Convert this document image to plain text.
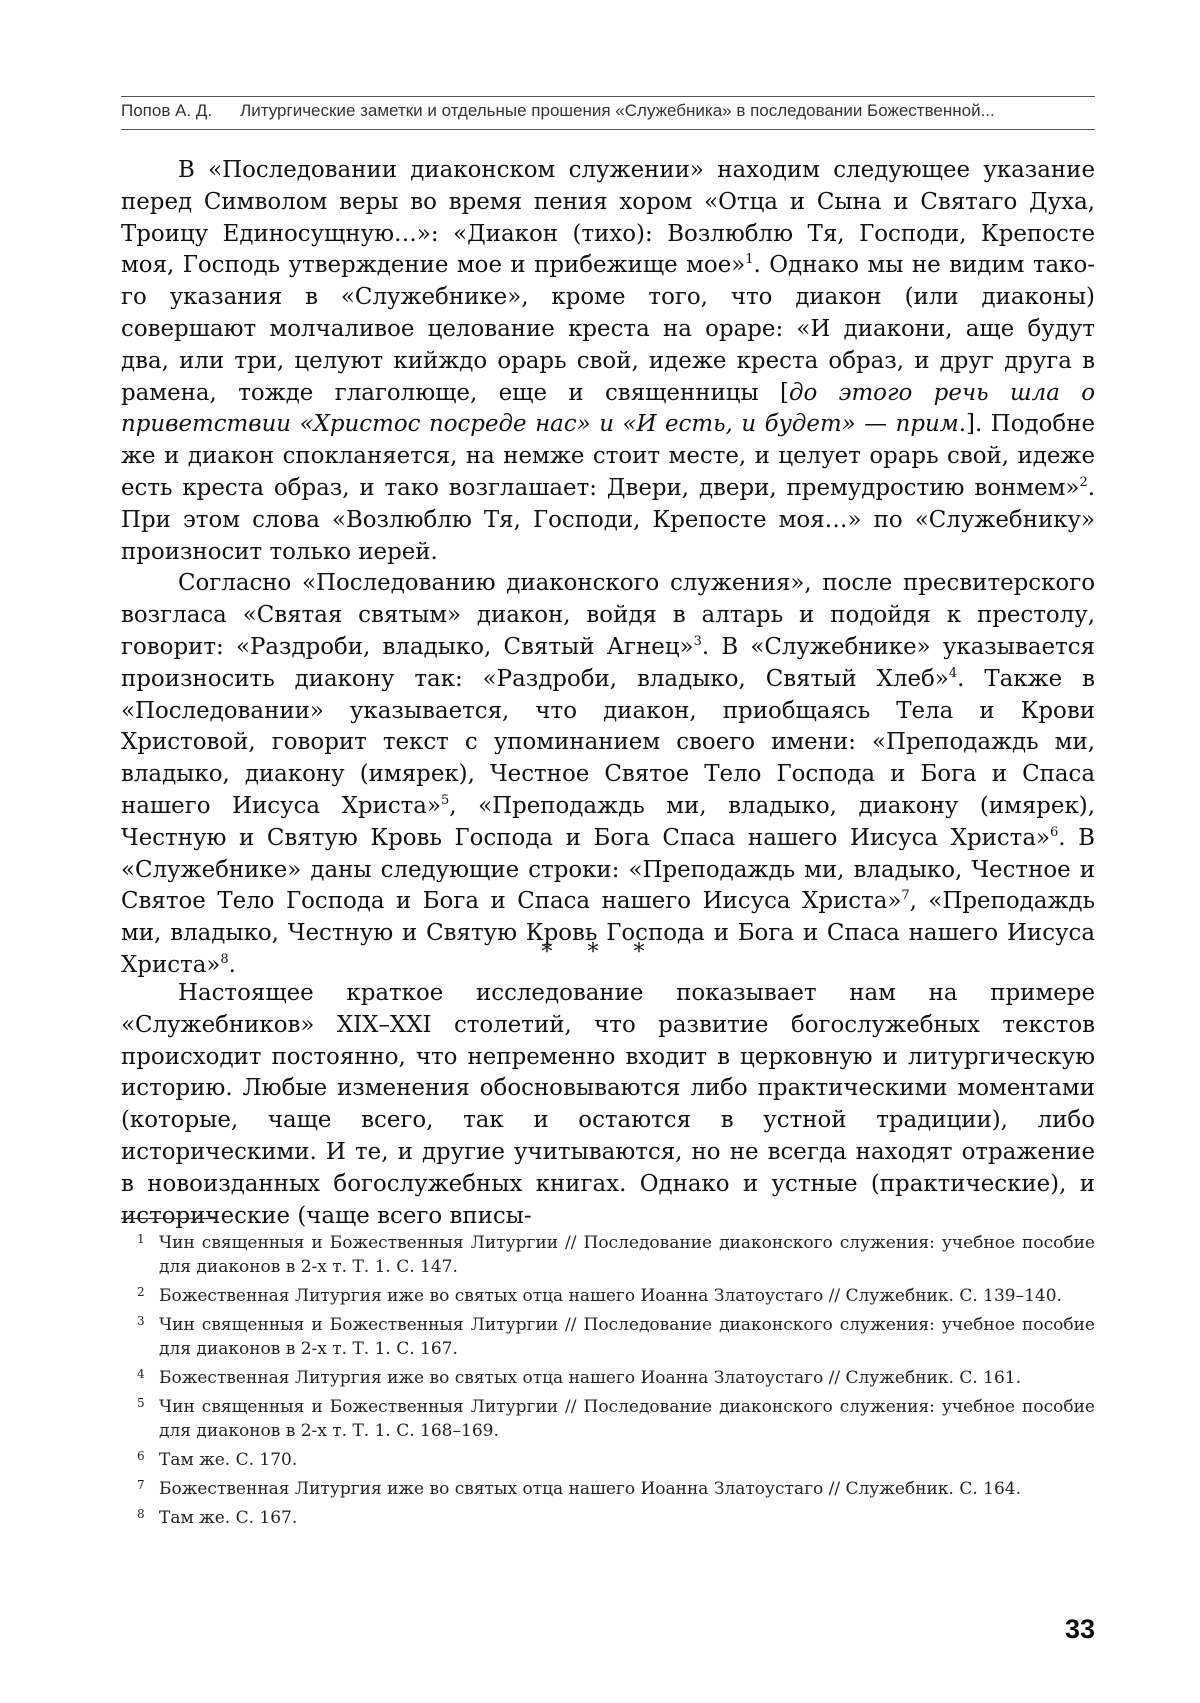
Попов А. Д. Литургические заметки и отдельные прошения «Служебника» в последовании Божественной...

В «Последовании диаконском служении» находим следующее указание перед Символом веры во время пения хором «Отца и Сына и Святаго Духа, Троицу Единосущную…»: «Диакон (тихо): Возлюблю Тя, Господи, Крепосте моя, Господь утверждение мое и прибежище мое»$^1$. Однако мы не видим такого указания в «Служебнике», кроме того, что диакон (или диаконы) совершают молчаливое целование креста на ораре: «И диакони, аще будут два, или три, целуют кийждо орарь свой, идеже креста образ, и друг друга в рамена, тожде глаголюще, еще и священницы [до этого речь шла о приветствии «Христос посреде нас» и «И есть, и будет» — прим.]. Подобне же и диакон спокланяется, на немже стоит месте, и целует орарь свой, идеже есть креста образ, и тако возглашает: Двери, двери, премудростию вонмем»$^2$. При этом слова «Возлюблю Тя, Господи, Крепосте моя…» по «Служебнику» произносит только иерей.

Согласно «Последованию диаконского служения», после пресвитерского возгласа «Святая святым» диакон, войдя в алтарь и подойдя к престолу, говорит: «Раздроби, владыко, Святый Агнец»$^3$. В «Служебнике» указывается произносить диакону так: «Раздроби, владыко, Святый Хлеб»$^4$. Также в «Последовании» указывается, что диакон, приобщаясь Тела и Крови Христовой, говорит текст с упоминанием своего имени: «Преподаждь ми, владыко, диакону (имярек), Честное Святое Тело Господа и Бога и Спаса нашего Иисуса Христа»$^5$, «Преподаждь ми, владыко, диакону (имярек), Честную и Святую Кровь Господа и Бога Спаса нашего Иисуса Христа»$^6$. В «Служебнике» даны следующие строки: «Преподаждь ми, владыко, Честное и Святое Тело Господа и Бога и Спаса нашего Иисуса Христа»$^7$, «Преподаждь ми, владыко, Честную и Святую Кровь Господа и Бога и Спаса нашего Иисуса Христа»$^8$.	* * *

Настоящее краткое исследование показывает нам на примере «Служебников» XIX–XXI столетий, что развитие богослужебных текстов происходит постоянно, что непременно входит в церковную и литургическую историю. Любые изменения обосновываются либо практическими моментами (которые, чаще всего, так и остаются в устной традиции), либо историческими. И те, и другие учитываются, но не всегда находят отражение в новоизданных богослужебных книгах. Однако и устные (практические), и исторические (чаще всего вписы-

1 Чин священныя и Божественныя Литургии // Последование диаконского служения: учебное пособие для диаконов в 2-х т. Т. 1. С. 147.
2 Божественная Литургия иже во святых отца нашего Иоанна Златоустаго // Служебник. С. 139–140.
3 Чин священныя и Божественныя Литургии // Последование диаконского служения: учебное пособие для диаконов в 2-х т. Т. 1. С. 167.
4 Божественная Литургия иже во святых отца нашего Иоанна Златоустаго // Служебник. С. 161.
5 Чин священныя и Божественныя Литургии // Последование диаконского служения: учебное пособие для диаконов в 2-х т. Т. 1. С. 168–169.
6 Там же. С. 170.
7 Божественная Литургия иже во святых отца нашего Иоанна Златоустаго // Служебник. С. 164.
8 Там же. С. 167.
33
